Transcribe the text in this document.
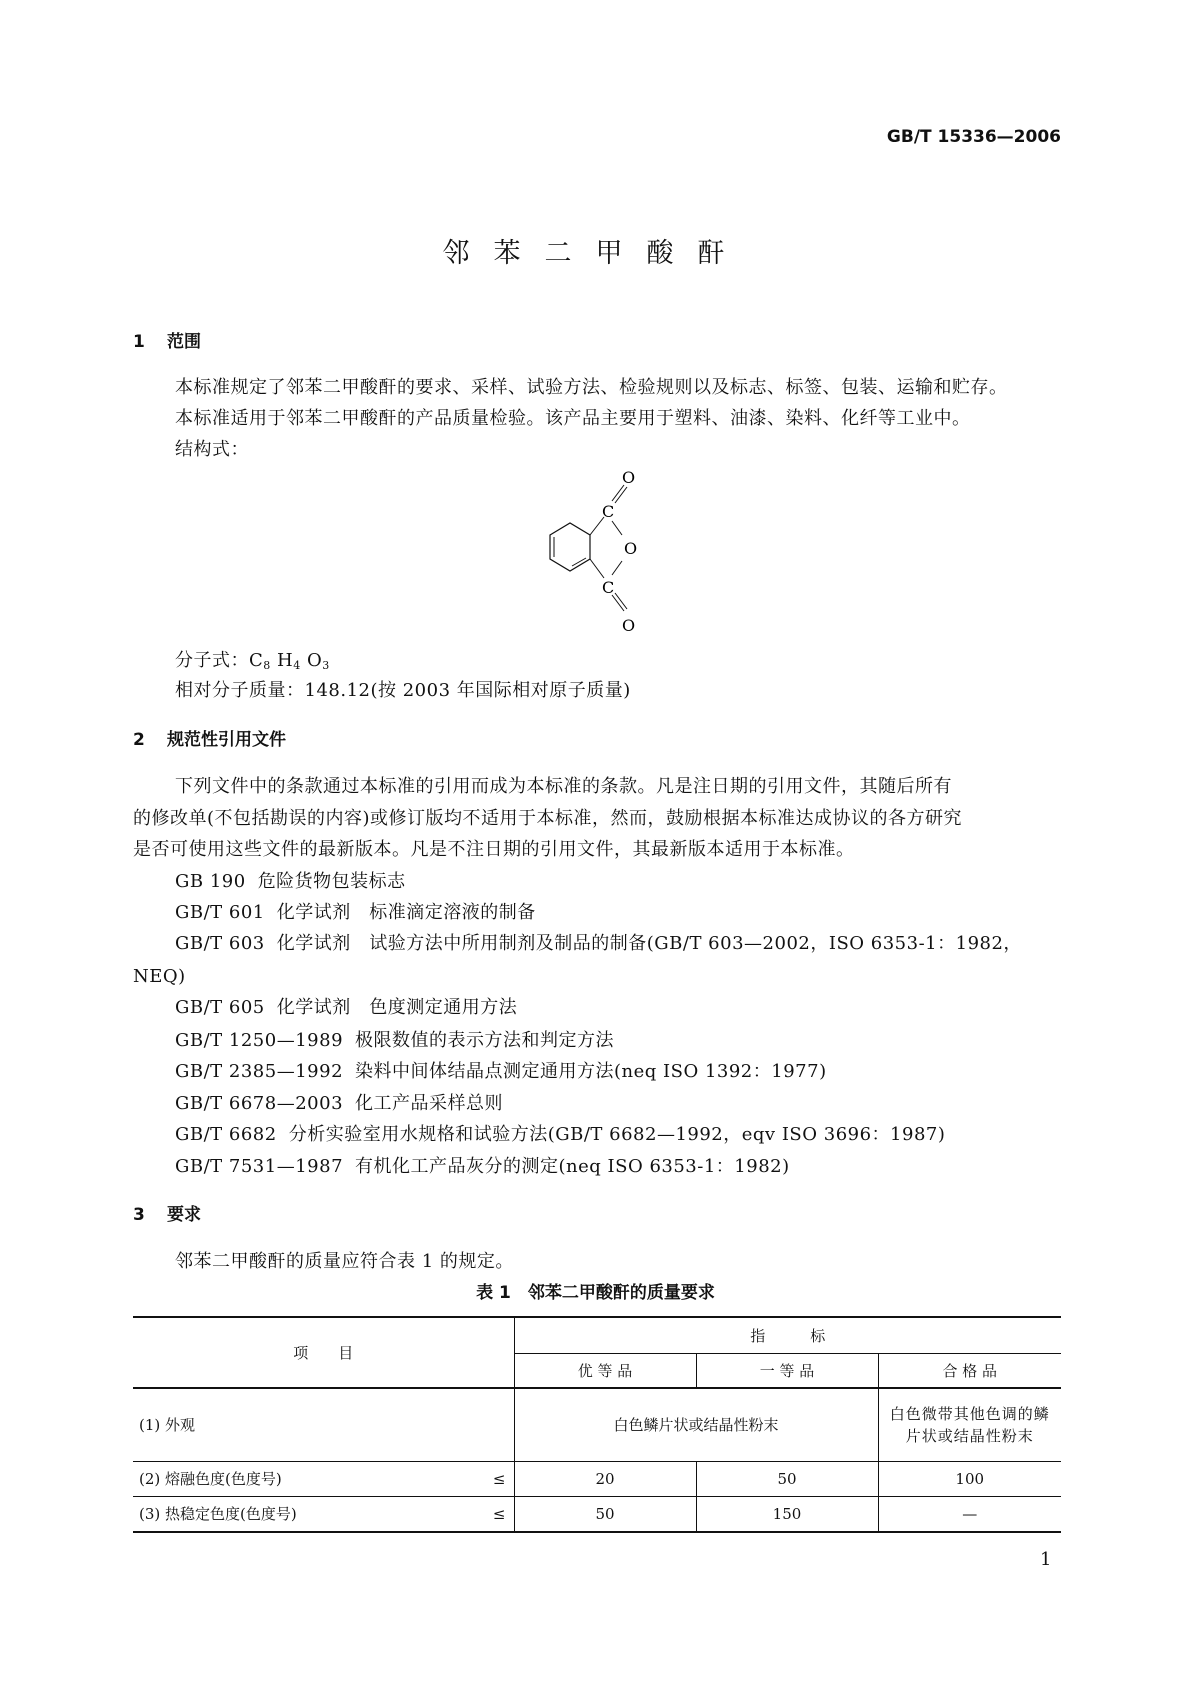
GB/T 15336—2006
邻苯二甲酸酐
1 范围
本标准规定了邻苯二甲酸酐的要求、采样、试验方法、检验规则以及标志、标签、包装、运输和贮存。
本标准适用于邻苯二甲酸酐的产品质量检验。该产品主要用于塑料、油漆、染料、化纤等工业中。
结构式：
O
C
O
C
O
分子式：$C_8$ $H_4$ $O_3$
相对分子质量：148.12(按 2003 年国际相对原子质量)
2 规范性引用文件
下列文件中的条款通过本标准的引用而成为本标准的条款。凡是注日期的引用文件，其随后所有
的修改单(不包括勘误的内容)或修订版均不适用于本标准，然而，鼓励根据本标准达成协议的各方研究
是否可使用这些文件的最新版本。凡是不注日期的引用文件，其最新版本适用于本标准。
GB 190 危险货物包装标志
GB/T 601 化学试剂　标准滴定溶液的制备
GB/T 603 化学试剂　试验方法中所用制剂及制品的制备(GB/T 603—2002，ISO 6353-1：1982，
NEQ)
GB/T 605 化学试剂　色度测定通用方法
GB/T 1250—1989 极限数值的表示方法和判定方法
GB/T 2385—1992 染料中间体结晶点测定通用方法(neq ISO 1392：1977)
GB/T 6678—2003 化工产品采样总则
GB/T 6682 分析实验室用水规格和试验方法(GB/T 6682—1992，eqv ISO 3696：1987)
GB/T 7531—1987 有机化工产品灰分的测定(neq ISO 6353-1：1982)
3 要求
邻苯二甲酸酐的质量应符合表 1 的规定。
表 1　邻苯二甲酸酐的质量要求
项　　目	指　　　标		
	优 等 品	一 等 品	合 格 品
(1) 外观	白色鳞片状或结晶性粉末		白色微带其他色调的鳞片状或结晶性粉末
(2) 熔融色度(色度号) ≤	20	50	100
(3) 热稳定色度(色度号) ≤	50	150	—
1
